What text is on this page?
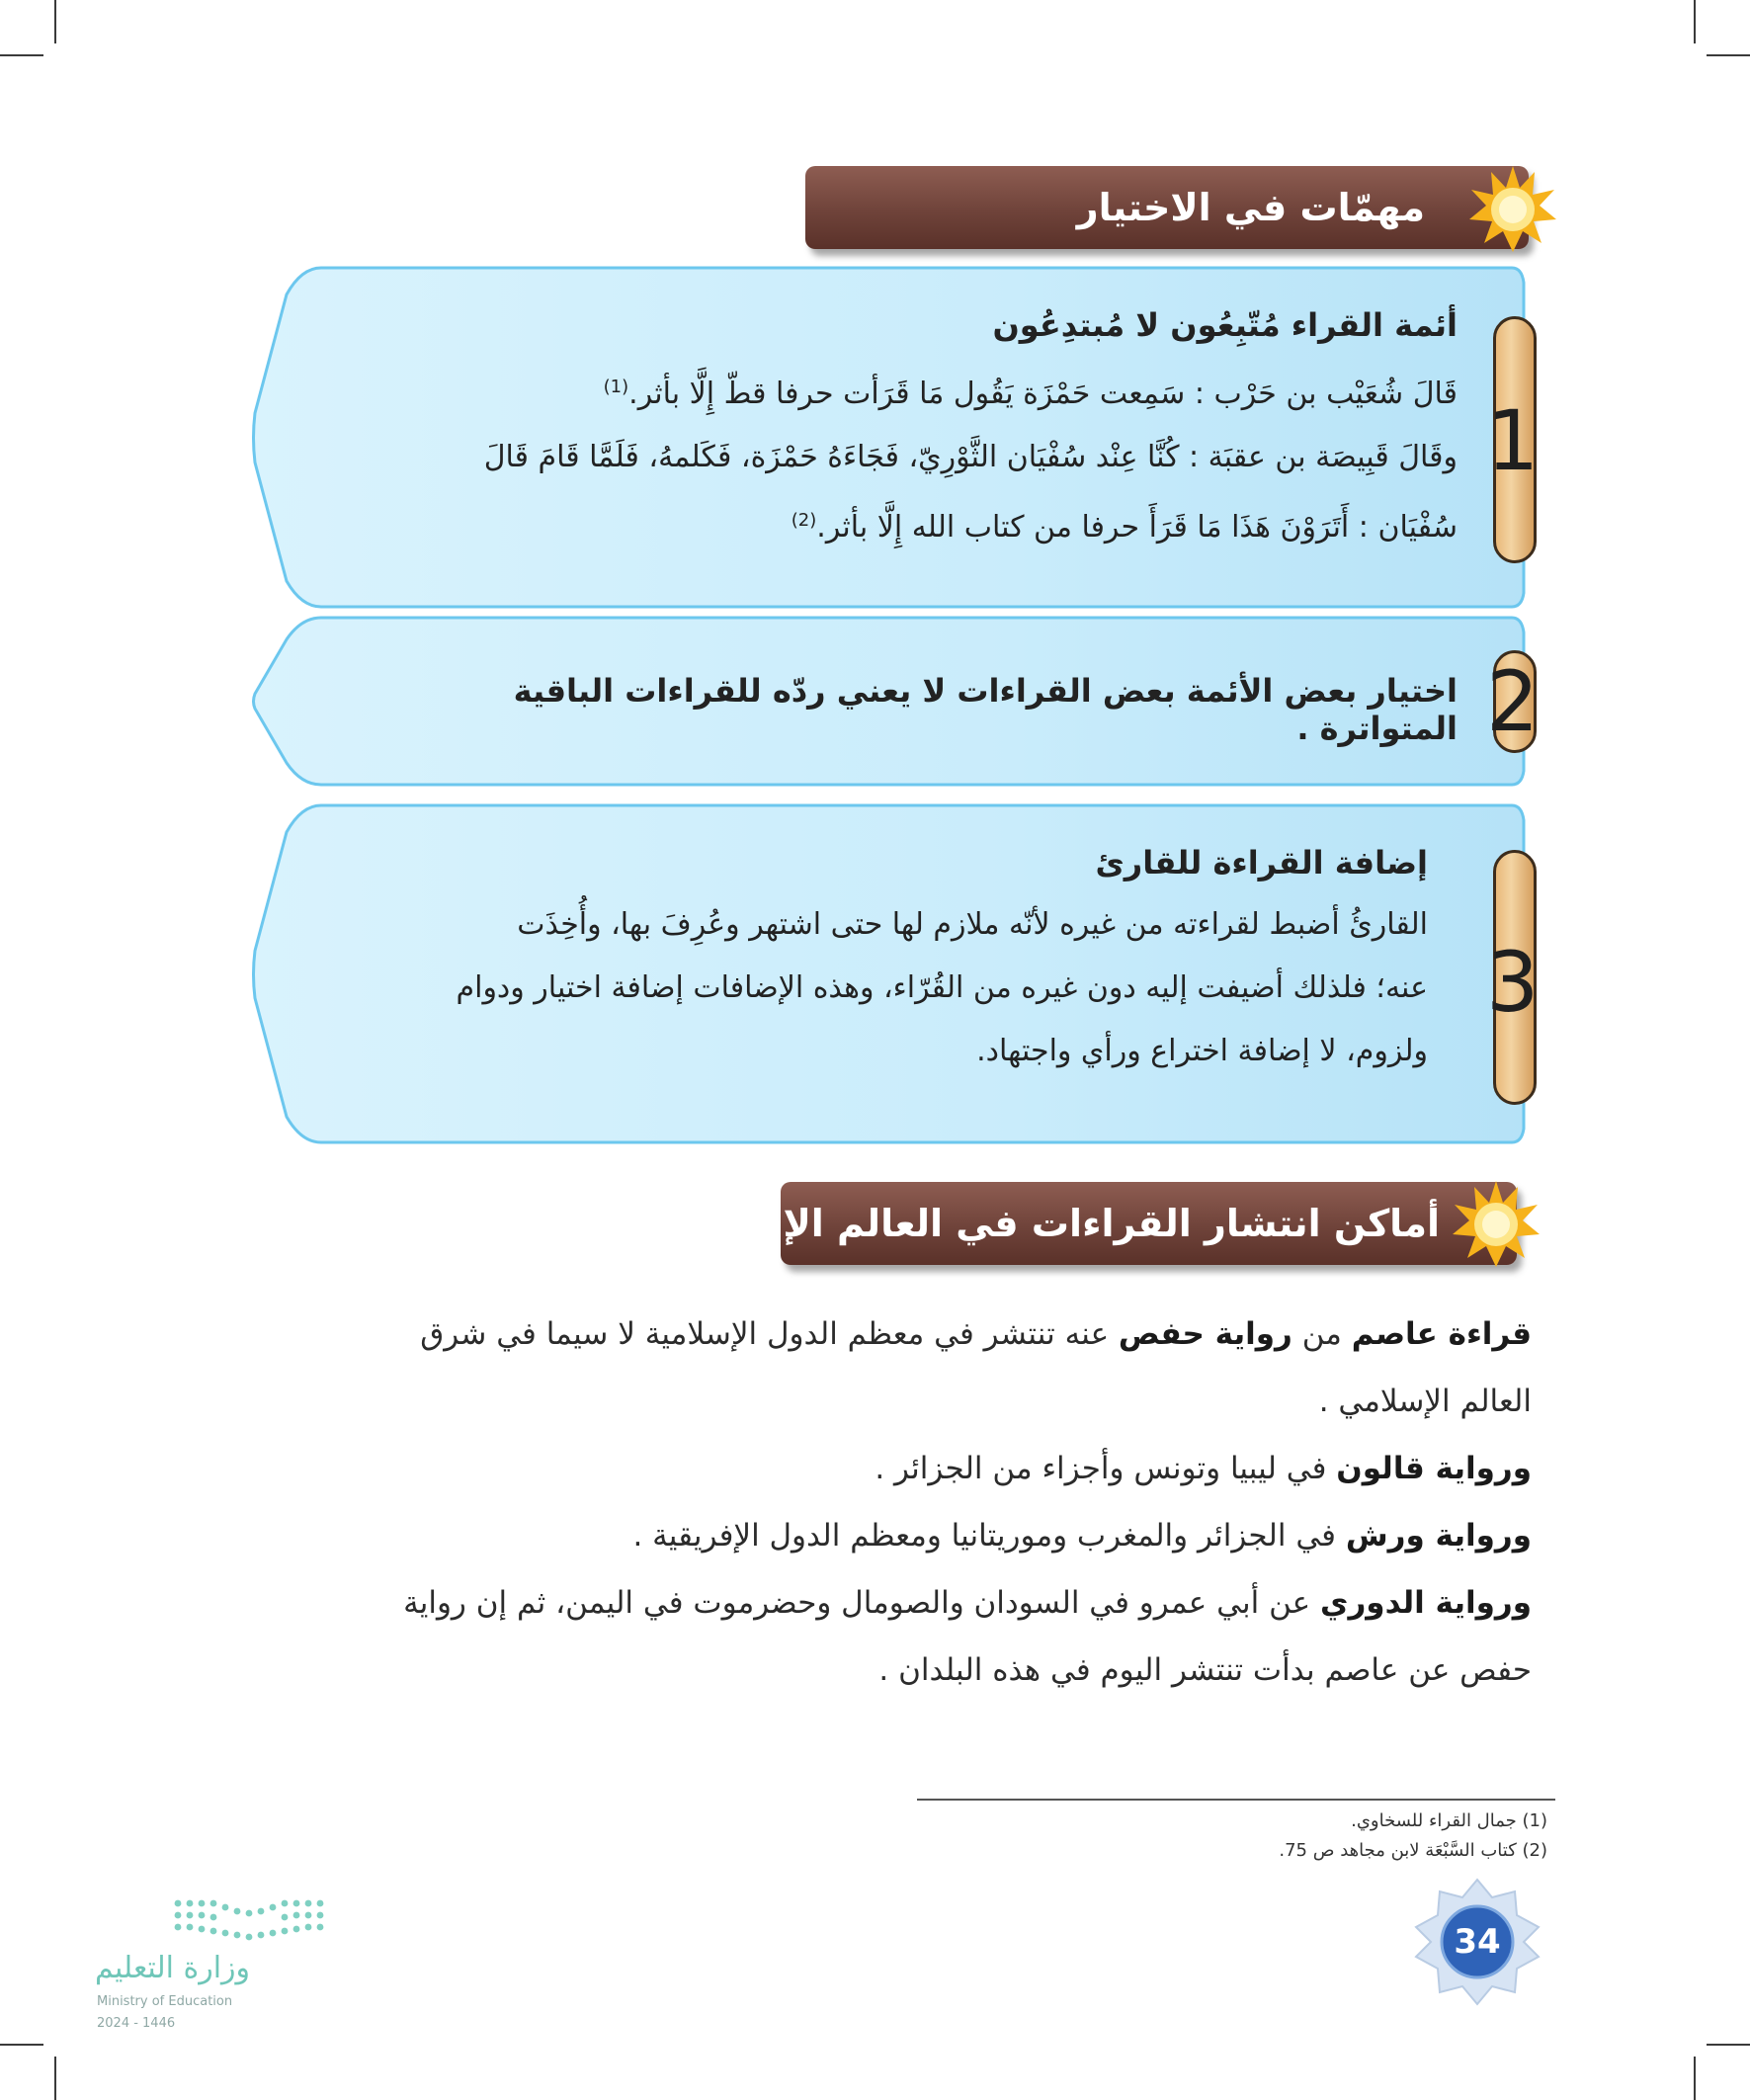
مهمّات في الاختيار
1

أئمة القراء مُتّبِعُون لا مُبتدِعُون

قَالَ شُعَيْب بن حَرْب : سَمِعت حَمْزَة يَقُول مَا قَرَأت حرفا قطّ إِلَّا بأثر.$^{(1)}$

وقَالَ قَبِيصَة بن عقبَة : كُنَّا عِنْد سُفْيَان الثَّوْرِيّ، فَجَاءَهُ حَمْزَة، فَكَلمهُ، فَلَمَّا قَامَ قَالَ

سُفْيَان : أَتَرَوْنَ هَذَا مَا قَرَأَ حرفا من كتاب الله إِلَّا بأثر.$^{(2)}$

2

اختيار بعض الأئمة بعض القراءات لا يعني ردّه للقراءات الباقية المتواترة .

3

إضافة القراءة للقارئ

القارئُ أضبط لقراءته من غيره لأنّه ملازم لها حتى اشتهر وعُرِفَ بها، وأُخِذَت

عنه؛ فلذلك أضيفت إليه دون غيره من القُرّاء، وهذه الإضافات إضافة اختيار ودوام

ولزوم، لا إضافة اختراع ورأي واجتهاد.

أماكن انتشار القراءات في العالم الإسلامي

قراءة عاصم من رواية حفص عنه تنتشر في معظم الدول الإسلامية لا سيما في شرق العالم الإسلامي .

ورواية قالون في ليبيا وتونس وأجزاء من الجزائر .

ورواية ورش في الجزائر والمغرب وموريتانيا ومعظم الدول الإفريقية .

ورواية الدوري عن أبي عمرو في السودان والصومال وحضرموت في اليمن، ثم إن رواية حفص عن عاصم بدأت تنتشر اليوم في هذه البلدان .

(1) جمال القراء للسخاوي.
(2) كتاب السَّبْعَة لابن مجاهد ص 75.
34
وزارة التعليم
Ministry of Education
2024 - 1446
